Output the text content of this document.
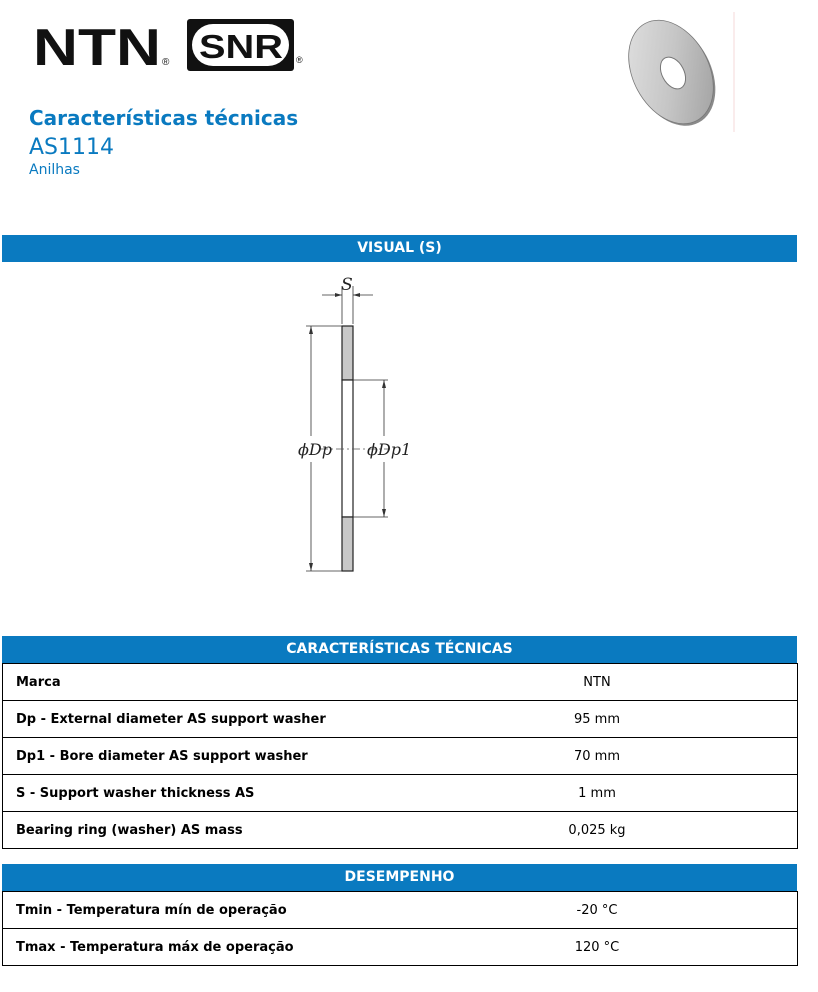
NTN ® SNR ®
Características técnicas
AS1114
Anilhas
VISUAL (S)
S
ϕDp ϕDp1
CARACTERÍSTICAS TÉCNICAS
Marca	NTN
Dp - External diameter AS support washer	95 mm
Dp1 - Bore diameter AS support washer	70 mm
S - Support washer thickness AS	1 mm
Bearing ring (washer) AS mass	0,025 kg
DESEMPENHO
Tmin - Temperatura mín de operação	-20 °C
Tmax - Temperatura máx de operação	120 °C
